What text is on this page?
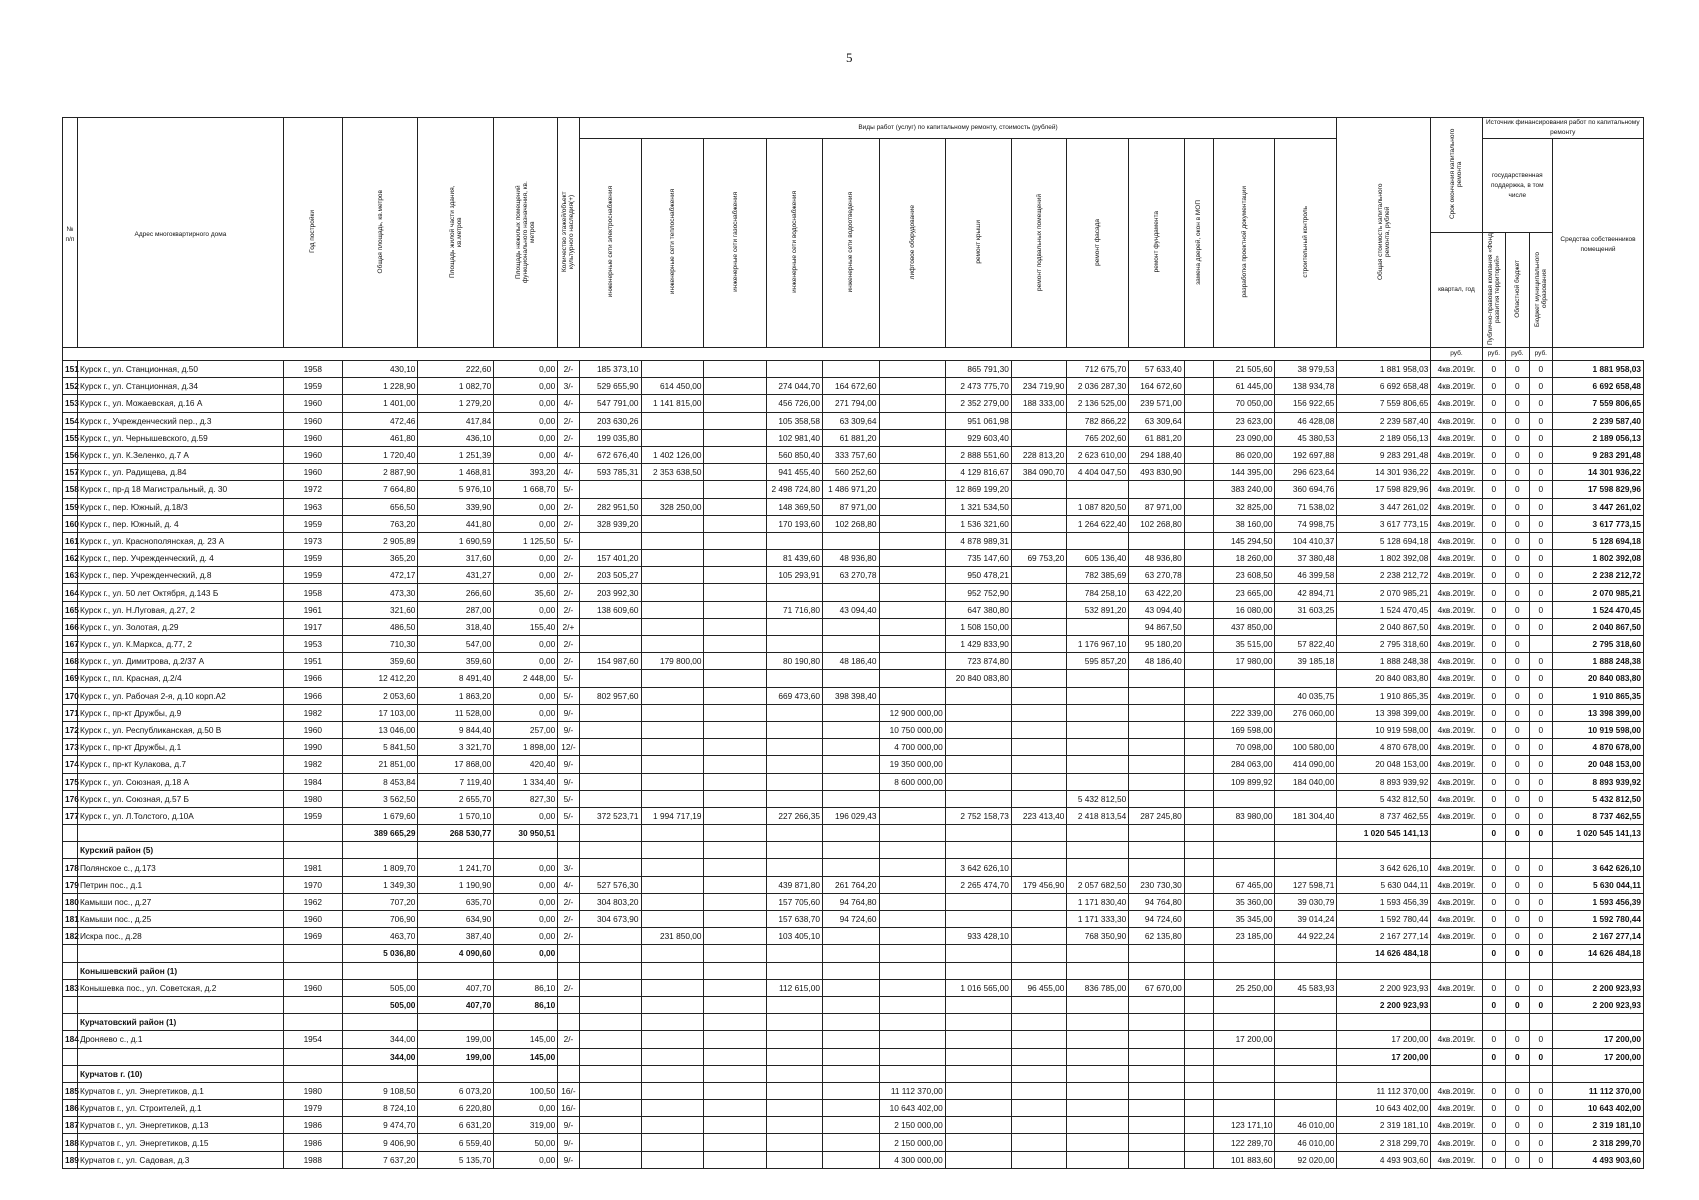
5
№ п/п	Адрес многоквартирного дома	Год постройки	Общая площадь, кв.метров	Площадь жилой части здания, кв.метров	Площадь нежилых помещений функционального назначения, кв. метров	Количество этажей/объект культурного наследия(+)	Виды работ (услуг) по капитальному ремонту, стоимость (рублей)													Общая стоимость капитального ремонта, рублей	Срок окончания капитального ремонта	Источник финансирования работ по капитальному ремонту			
							инженерные сети электроснабжения	инженерные сети теплоснабжения	инженерные сети газоснабжения	инженерные сети водоснабжения	инженерные сети водоотведения	лифтовое оборудование	ремонт крыши	ремонт подвальных помещений	ремонт фасада	ремонт фундамента	замена дверей, окон в МОП	разработка проектной документации	строительный контроль			государственная поддержка, в том числе			Средства собственников помещений
																					квартал, год	Публично-правовая компания «Фонд развития территорий»	Областной бюджет	Бюджет муниципального образования	
																					руб.	руб.	руб.	руб.
151	Курск г., ул. Станционная, д.50	1958	430,10	222,60	0,00	2/-	185 373,10						865 791,30		712 675,70	57 633,40		21 505,60	38 979,53	1 881 958,03	4кв.2019г.	0	0	0	1 881 958,03
152	Курск г., ул. Станционная, д.34	1959	1 228,90	1 082,70	0,00	3/-	529 655,90	614 450,00		274 044,70	164 672,60		2 473 775,70	234 719,90	2 036 287,30	164 672,60		61 445,00	138 934,78	6 692 658,48	4кв.2019г.	0	0	0	6 692 658,48
153	Курск г., ул. Можаевская, д.16 А	1960	1 401,00	1 279,20	0,00	4/-	547 791,00	1 141 815,00		456 726,00	271 794,00		2 352 279,00	188 333,00	2 136 525,00	239 571,00		70 050,00	156 922,65	7 559 806,65	4кв.2019г.	0	0	0	7 559 806,65
154	Курск г., Учрежденческий пер., д.3	1960	472,46	417,84	0,00	2/-	203 630,26			105 358,58	63 309,64		951 061,98		782 866,22	63 309,64		23 623,00	46 428,08	2 239 587,40	4кв.2019г.	0	0	0	2 239 587,40
155	Курск г., ул. Чернышевского, д.59	1960	461,80	436,10	0,00	2/-	199 035,80			102 981,40	61 881,20		929 603,40		765 202,60	61 881,20		23 090,00	45 380,53	2 189 056,13	4кв.2019г.	0	0	0	2 189 056,13
156	Курск г., ул. К.Зеленко, д.7 А	1960	1 720,40	1 251,39	0,00	4/-	672 676,40	1 402 126,00		560 850,40	333 757,60		2 888 551,60	228 813,20	2 623 610,00	294 188,40		86 020,00	192 697,88	9 283 291,48	4кв.2019г.	0	0	0	9 283 291,48
157	Курск г., ул. Радищева, д.84	1960	2 887,90	1 468,81	393,20	4/-	593 785,31	2 353 638,50		941 455,40	560 252,60		4 129 816,67	384 090,70	4 404 047,50	493 830,90		144 395,00	296 623,64	14 301 936,22	4кв.2019г.	0	0	0	14 301 936,22
158	Курск г., пр-д 18 Магистральный, д. 30	1972	7 664,80	5 976,10	1 668,70	5/-				2 498 724,80	1 486 971,20		12 869 199,20					383 240,00	360 694,76	17 598 829,96	4кв.2019г.	0	0	0	17 598 829,96
159	Курск г., пер. Южный, д.18/3	1963	656,50	339,90	0,00	2/-	282 951,50	328 250,00		148 369,50	87 971,00		1 321 534,50		1 087 820,50	87 971,00		32 825,00	71 538,02	3 447 261,02	4кв.2019г.	0	0	0	3 447 261,02
160	Курск г., пер. Южный, д. 4	1959	763,20	441,80	0,00	2/-	328 939,20			170 193,60	102 268,80		1 536 321,60		1 264 622,40	102 268,80		38 160,00	74 998,75	3 617 773,15	4кв.2019г.	0	0	0	3 617 773,15
161	Курск г., ул. Краснополянская, д. 23 А	1973	2 905,89	1 690,59	1 125,50	5/-							4 878 989,31					145 294,50	104 410,37	5 128 694,18	4кв.2019г.	0	0	0	5 128 694,18
162	Курск г., пер. Учрежденческий, д. 4	1959	365,20	317,60	0,00	2/-	157 401,20			81 439,60	48 936,80		735 147,60	69 753,20	605 136,40	48 936,80		18 260,00	37 380,48	1 802 392,08	4кв.2019г.	0	0	0	1 802 392,08
163	Курск г., пер. Учрежденческий, д.8	1959	472,17	431,27	0,00	2/-	203 505,27			105 293,91	63 270,78		950 478,21		782 385,69	63 270,78		23 608,50	46 399,58	2 238 212,72	4кв.2019г.	0	0	0	2 238 212,72
164	Курск г., ул. 50 лет Октября, д.143 Б	1958	473,30	266,60	35,60	2/-	203 992,30						952 752,90		784 258,10	63 422,20		23 665,00	42 894,71	2 070 985,21	4кв.2019г.	0	0	0	2 070 985,21
165	Курск г., ул. Н.Луговая, д.27, 2	1961	321,60	287,00	0,00	2/-	138 609,60			71 716,80	43 094,40		647 380,80		532 891,20	43 094,40		16 080,00	31 603,25	1 524 470,45	4кв.2019г.	0	0	0	1 524 470,45
166	Курск г., ул. Золотая, д.29	1917	486,50	318,40	155,40	2/+							1 508 150,00			94 867,50		437 850,00		2 040 867,50	4кв.2019г.	0	0	0	2 040 867,50
167	Курск г., ул. К.Маркса, д.77, 2	1953	710,30	547,00	0,00	2/-							1 429 833,90		1 176 967,10	95 180,20		35 515,00	57 822,40	2 795 318,60	4кв.2019г.	0	0		2 795 318,60
168	Курск г., ул. Димитрова, д.2/37 А	1951	359,60	359,60	0,00	2/-	154 987,60	179 800,00		80 190,80	48 186,40		723 874,80		595 857,20	48 186,40		17 980,00	39 185,18	1 888 248,38	4кв.2019г.	0	0	0	1 888 248,38
169	Курск г., пл. Красная, д.2/4	1966	12 412,20	8 491,40	2 448,00	5/-							20 840 083,80							20 840 083,80	4кв.2019г.	0	0	0	20 840 083,80
170	Курск г., ул. Рабочая 2-я, д.10 корп.А2	1966	2 053,60	1 863,20	0,00	5/-	802 957,60			669 473,60	398 398,40								40 035,75	1 910 865,35	4кв.2019г.	0	0	0	1 910 865,35
171	Курск г., пр-кт Дружбы, д.9	1982	17 103,00	11 528,00	0,00	9/-						12 900 000,00						222 339,00	276 060,00	13 398 399,00	4кв.2019г.	0	0	0	13 398 399,00
172	Курск г., ул. Республиканская, д.50 В	1960	13 046,00	9 844,40	257,00	9/-						10 750 000,00						169 598,00		10 919 598,00	4кв.2019г.	0	0	0	10 919 598,00
173	Курск г., пр-кт Дружбы, д.1	1990	5 841,50	3 321,70	1 898,00	12/-						4 700 000,00						70 098,00	100 580,00	4 870 678,00	4кв.2019г.	0	0	0	4 870 678,00
174	Курск г., пр-кт Кулакова, д.7	1982	21 851,00	17 868,00	420,40	9/-						19 350 000,00						284 063,00	414 090,00	20 048 153,00	4кв.2019г.	0	0	0	20 048 153,00
175	Курск г., ул. Союзная, д.18 А	1984	8 453,84	7 119,40	1 334,40	9/-						8 600 000,00						109 899,92	184 040,00	8 893 939,92	4кв.2019г.	0	0	0	8 893 939,92
176	Курск г., ул. Союзная, д.57 Б	1980	3 562,50	2 655,70	827,30	5/-									5 432 812,50					5 432 812,50	4кв.2019г.	0	0	0	5 432 812,50
177	Курск г., ул. Л.Толстого, д.10А	1959	1 679,60	1 570,10	0,00	5/-	372 523,71	1 994 717,19		227 266,35	196 029,43		2 752 158,73	223 413,40	2 418 813,54	287 245,80		83 980,00	181 304,40	8 737 462,55	4кв.2019г.	0	0	0	8 737 462,55
			389 665,29	268 530,77	30 950,51															1 020 545 141,13		0	0	0	1 020 545 141,13
	Курский район (5)																								
178	Полянское с., д.173	1981	1 809,70	1 241,70	0,00	3/-							3 642 626,10							3 642 626,10	4кв.2019г.	0	0	0	3 642 626,10
179	Петрин пос., д.1	1970	1 349,30	1 190,90	0,00	4/-	527 576,30			439 871,80	261 764,20		2 265 474,70	179 456,90	2 057 682,50	230 730,30		67 465,00	127 598,71	5 630 044,11	4кв.2019г.	0	0	0	5 630 044,11
180	Камыши пос., д.27	1962	707,20	635,70	0,00	2/-	304 803,20			157 705,60	94 764,80				1 171 830,40	94 764,80		35 360,00	39 030,79	1 593 456,39	4кв.2019г.	0	0	0	1 593 456,39
181	Камыши пос., д.25	1960	706,90	634,90	0,00	2/-	304 673,90			157 638,70	94 724,60				1 171 333,30	94 724,60		35 345,00	39 014,24	1 592 780,44	4кв.2019г.	0	0	0	1 592 780,44
182	Искра пос., д.28	1969	463,70	387,40	0,00	2/-		231 850,00		103 405,10			933 428,10		768 350,90	62 135,80		23 185,00	44 922,24	2 167 277,14	4кв.2019г.	0	0	0	2 167 277,14
			5 036,80	4 090,60	0,00															14 626 484,18		0	0	0	14 626 484,18
	Конышевский район (1)																								
183	Конышевка пос., ул. Советская, д.2	1960	505,00	407,70	86,10	2/-				112 615,00			1 016 565,00	96 455,00	836 785,00	67 670,00		25 250,00	45 583,93	2 200 923,93	4кв.2019г.	0	0	0	2 200 923,93
			505,00	407,70	86,10															2 200 923,93		0	0	0	2 200 923,93
	Курчатовский район (1)																								
184	Дроняево с., д.1	1954	344,00	199,00	145,00	2/-												17 200,00		17 200,00	4кв.2019г.	0	0	0	17 200,00
			344,00	199,00	145,00															17 200,00		0	0	0	17 200,00
	Курчатов г. (10)																								
185	Курчатов г., ул. Энергетиков, д.1	1980	9 108,50	6 073,20	100,50	16/-						11 112 370,00								11 112 370,00	4кв.2019г.	0	0	0	11 112 370,00
186	Курчатов г., ул. Строителей, д.1	1979	8 724,10	6 220,80	0,00	16/-						10 643 402,00								10 643 402,00	4кв.2019г.	0	0	0	10 643 402,00
187	Курчатов г., ул. Энергетиков, д.13	1986	9 474,70	6 631,20	319,00	9/-						2 150 000,00						123 171,10	46 010,00	2 319 181,10	4кв.2019г.	0	0	0	2 319 181,10
188	Курчатов г., ул. Энергетиков, д.15	1986	9 406,90	6 559,40	50,00	9/-						2 150 000,00						122 289,70	46 010,00	2 318 299,70	4кв.2019г.	0	0	0	2 318 299,70
189	Курчатов г., ул. Садовая, д.3	1988	7 637,20	5 135,70	0,00	9/-						4 300 000,00						101 883,60	92 020,00	4 493 903,60	4кв.2019г.	0	0	0	4 493 903,60
